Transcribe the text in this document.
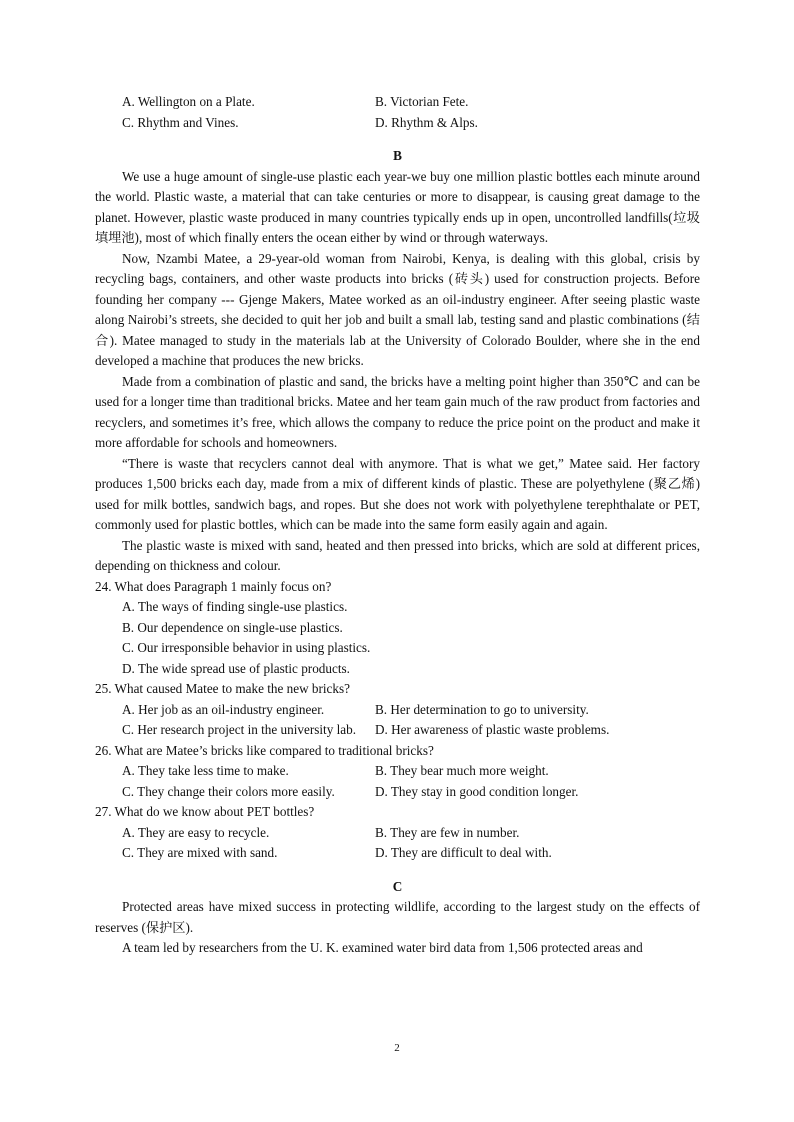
A. Wellington on a Plate.	B. Victorian Fete.
C. Rhythm and Vines.	D. Rhythm & Alps.
B

We use a huge amount of single-use plastic each year-we buy one million plastic bottles each minute around the world. Plastic waste, a material that can take centuries or more to disappear, is causing great damage to the planet. However, plastic waste produced in many countries typically ends up in open, uncontrolled landfills(垃圾填埋池), most of which finally enters the ocean either by wind or through waterways.

Now, Nzambi Matee, a 29-year-old woman from Nairobi, Kenya, is dealing with this global, crisis by recycling bags, containers, and other waste products into bricks (砖头) used for construction projects. Before founding her company --- Gjenge Makers, Matee worked as an oil-industry engineer. After seeing plastic waste along Nairobi’s streets, she decided to quit her job and built a small lab, testing sand and plastic combinations (结合). Matee managed to study in the materials lab at the University of Colorado Boulder, where she in the end developed a machine that produces the new bricks.

Made from a combination of plastic and sand, the bricks have a melting point higher than 350℃ and can be used for a longer time than traditional bricks. Matee and her team gain much of the raw product from factories and recyclers, and sometimes it’s free, which allows the company to reduce the price point on the product and make it more affordable for schools and homeowners.

“There is waste that recyclers cannot deal with anymore. That is what we get,” Matee said. Her factory produces 1,500 bricks each day, made from a mix of different kinds of plastic. These are polyethylene (聚乙烯) used for milk bottles, sandwich bags, and ropes. But she does not work with polyethylene terephthalate or PET, commonly used for plastic bottles, which can be made into the same form easily again and again.

The plastic waste is mixed with sand, heated and then pressed into bricks, which are sold at different prices, depending on thickness and colour.

24. What does Paragraph 1 mainly focus on?
A. The ways of finding single-use plastics.
B. Our dependence on single-use plastics.
C. Our irresponsible behavior in using plastics.
D. The wide spread use of plastic products.
25. What caused Matee to make the new bricks?
A. Her job as an oil-industry engineer.	B. Her determination to go to university.
C. Her research project in the university lab.	D. Her awareness of plastic waste problems.
26. What are Matee’s bricks like compared to traditional bricks?
A. They take less time to make.	B. They bear much more weight.
C. They change their colors more easily.	D. They stay in good condition longer.
27. What do we know about PET bottles?
A. They are easy to recycle.	B. They are few in number.
C. They are mixed with sand.	D. They are difficult to deal with.
C

Protected areas have mixed success in protecting wildlife, according to the largest study on the effects of reserves (保护区).

A team led by researchers from the U. K. examined water bird data from 1,506 protected areas and

2
